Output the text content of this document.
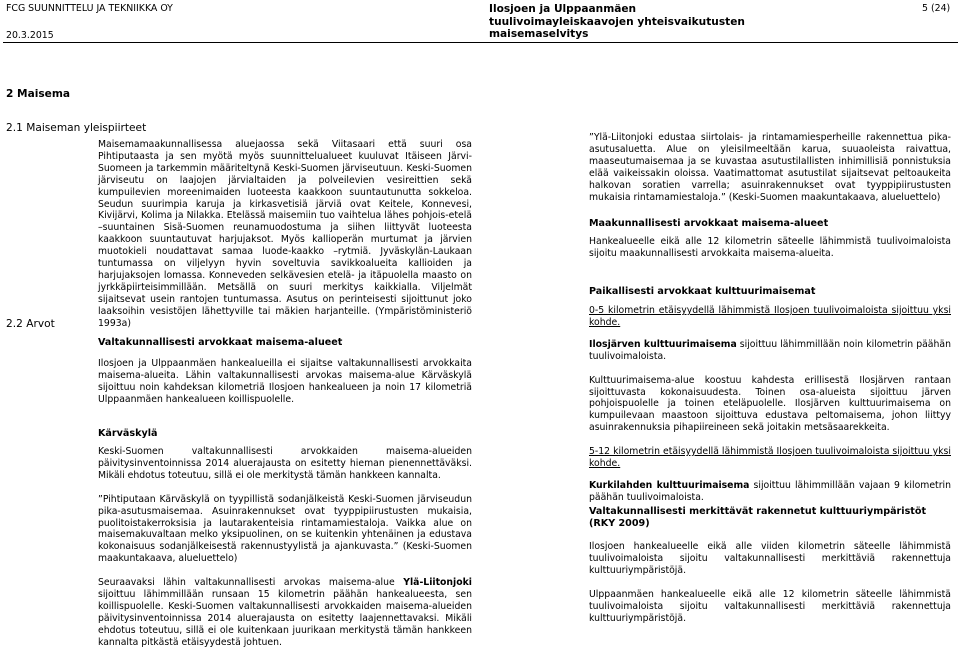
FCG SUUNNITTELU JA TEKNIIKKA OY
20.3.2015
Ilosjoen ja Ulppaanmäen
tuulivoimayleiskaavojen yhteisvaikutusten
maisemaselvitys
5 (24)
2 Maisema
2.1 Maiseman yleispiirteet
2.2 Arvot

Maisemamaakunnallisessa aluejaossa sekä Viitasaari että suuri osa Pihtiputaasta ja sen myötä myös suunnittelualueet kuuluvat Itäiseen Järvi-Suomeen ja tarkemmin määriteltynä Keski-Suomen järviseutuun. Keski-Suomen järviseutu on laajojen järvialtaiden ja polveilevien vesireittien sekä kumpuilevien moreenimaiden luoteesta kaakkoon suuntautunutta sokkeloa. Seudun suurimpia karuja ja kirkasvetisiä järviä ovat Keitele, Konnevesi, Kivijärvi, Kolima ja Nilakka. Etelässä maisemiin tuo vaihtelua lähes pohjois-etelä –suuntainen Sisä-Suomen reunamuodostuma ja siihen liittyvät luoteesta kaakkoon suuntautuvat harjujaksot. Myös kallioperän murtumat ja järvien muotokieli noudattavat samaa luode-kaakko –rytmiä. Jyväskylän-Laukaan tuntumassa on viljelyyn hyvin soveltuvia savikkoalueita kallioiden ja harjujaksojen lomassa. Konneveden selkävesien etelä- ja itäpuolella maasto on jyrkkäpiirteisimmillään. Metsällä on suuri merkitys kaikkialla. Viljelmät sijaitsevat usein rantojen tuntumassa. Asutus on perinteisesti sijoittunut joko laaksoihin vesistöjen lähettyville tai mäkien harjanteille. (Ympäristöministeriö 1993a)

Valtakunnallisesti arvokkaat maisema-alueet

Ilosjoen ja Ulppaanmäen hankealueilla ei sijaitse valtakunnallisesti arvokkaita maisema-alueita. Lähin valtakunnallisesti arvokas maisema-alue Kärväskylä sijoittuu noin kahdeksan kilometriä Ilosjoen hankealueen ja noin 17 kilometriä Ulppaanmäen hankealueen koillispuolelle.

Kärväskylä

Keski-Suomen valtakunnallisesti arvokkaiden maisema-alueiden päivitysinventoinnissa 2014 aluerajausta on esitetty hieman pienennettäväksi. Mikäli ehdotus toteutuu, sillä ei ole merkitystä tämän hankkeen kannalta.

”Pihtiputaan Kärväskylä on tyypillistä sodanjälkeistä Keski-Suomen järviseudun pika-asutusmaisemaa. Asuinrakennukset ovat tyyppipiirustusten mukaisia, puolitoistakerroksisia ja lautarakenteisia rintamamiestaloja. Vaikka alue on maisemakuvaltaan melko yksipuolinen, on se kuitenkin yhtenäinen ja edustava kokonaisuus sodanjälkeisestä rakennustyylistä ja ajankuvasta.” (Keski-Suomen maakuntakaava, alueluettelo)

Seuraavaksi lähin valtakunnallisesti arvokas maisema-alue Ylä-Liitonjoki sijoittuu lähimmillään runsaan 15 kilometrin päähän hankealueesta, sen koillispuolelle. Keski-Suomen valtakunnallisesti arvokkaiden maisema-alueiden päivitysinventoinnissa 2014 aluerajausta on esitetty laajennettavaksi. Mikäli ehdotus toteutuu, sillä ei ole kuitenkaan juurikaan merkitystä tämän hankkeen kannalta pitkästä etäisyydestä johtuen.

”Ylä-Liitonjoki edustaa siirtolais- ja rintamamiesperheille rakennettua pika-asutusaluetta. Alue on yleisilmeeltään karua, suuaoleista raivattua, maaseutumaisemaa ja se kuvastaa asutustilallisten inhimillisiä ponnistuksia elää vaikeissakin oloissa. Vaatimattomat asutustilat sijaitsevat peltoaukeita halkovan soratien varrella; asuinrakennukset ovat tyyppipiirustusten mukaisia rintamamiestaloja.” (Keski-Suomen maakuntakaava, alueluettelo)

Maakunnallisesti arvokkaat maisema-alueet

Hankealueelle eikä alle 12 kilometrin säteelle lähimmistä tuulivoimaloista sijoitu maakunnallisesti arvokkaita maisema-alueita.

Paikallisesti arvokkaat kulttuurimaisemat

0-5 kilometrin etäisyydellä lähimmistä Ilosjoen tuulivoimaloista sijoittuu yksi kohde.

Ilosjärven kulttuurimaisema sijoittuu lähimmillään noin kilometrin päähän tuulivoimaloista.

Kulttuurimaisema-alue koostuu kahdesta erillisestä Ilosjärven rantaan sijoittuvasta kokonaisuudesta. Toinen osa-alueista sijoittuu järven pohjoispuolelle ja toinen eteläpuolelle. Ilosjärven kulttuurimaisema on kumpuilevaan maastoon sijoittuva edustava peltomaisema, johon liittyy asuinrakennuksia pihapiireineen sekä joitakin metsäsaarekkeita.

5-12 kilometrin etäisyydellä lähimmistä Ilosjoen tuulivoimaloista sijoittuu yksi kohde.

Kurkilahden kulttuurimaisema sijoittuu lähimmillään vajaan 9 kilometrin päähän tuulivoimaloista.

Valtakunnallisesti merkittävät rakennetut kulttuuriympäristöt (RKY 2009)

Ilosjoen hankealueelle eikä alle viiden kilometrin säteelle lähimmistä tuulivoimaloista sijoitu valtakunnallisesti merkittäviä rakennettuja kulttuuriympäristöjä.

Ulppaanmäen hankealueelle eikä alle 12 kilometrin säteelle lähimmistä tuulivoimaloista sijoitu valtakunnallisesti merkittäviä rakennettuja kulttuuriympäristöjä.
